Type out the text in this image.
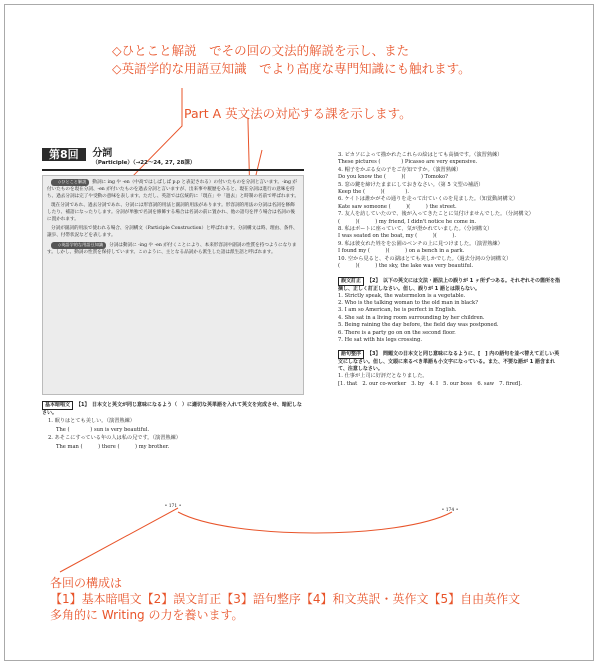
◇ひとこと解説　でその回の文法的解説を示し、また
◇英語学的な用語豆知識　でより高度な専門知識にも触れます。
Part A 英文法の対応する課を示します。
各回の構成は
【1】基本暗唱文【2】誤文訂正【3】語句整序【4】和文英訳・英作文【5】自由英作文
多角的に Writing の力を養います。
第8回 分詞
（Participle）（→22〜24, 27, 28課）

◇ひとこと解説 動詞に ing や -en（中高ではしばしば p.p と表記される）の付いたものを分詞と言います。-ing が付いたものを現在分詞、-en が付いたものを過去分詞と言いますが、出来事や履歴をみると、現在分詞は進行の意味を持ち、過去分詞は完了や受動の意味を表します。ただし、英語では伝統的に「現在」や「過去」と時制の名前で呼ばれます。

現在分詞であれ、過去分詞であれ、分詞には形容詞的用法と副詞的用法があります。形容詞的用法の分詞は名詞を修飾したり、補語になったりします。分詞が単独で名詞を修飾する場合は名詞の前に置かれ、他の語句を伴う場合は名詞の後に置かれます。

分詞が副詞的用法で使われる場合、分詞構文（Participle Construction）と呼ばれます。分詞構文は時、理由、条件、譲歩、付帯状況などを表します。

◇英語学的な用語豆知識 分詞は動詞に -ing や -en が付くことにより、本来形容詞や副詞の性質を持つようになります。しかし、動詞の性質を保持しています。このように、主となる品詞から派生した語は派生語と呼ばれます。

基本暗唱文 【1】　日本文と英文が同じ意味になるよう（　）に適切な英単語を入れて英文を完成させ、暗記しなさい。
1. 眠りはとても美しい。（演習熟練）
The (　　　　) sun is very beautiful.
2. あそこにすっている年の人は私の兄です。（演習熟練）
The man (　　　) there (　　　) my brother.
• 171 •

3. ピカソによって描かれたこれらの絵はとても高価です。（演習熟練）

These pictures (　　　　) Picasso are very expensive.

4. 帽子をかぶる女の子をご存知ですか。（演習熟練）

Do you know the (　　　)(　　　) Tomoko?

5. 窓の鍵を締けたままにしておきなさい。（第 5 文型の補語）

Keep the (　　　)(　　　　).

6. ケイトは誰かがその通りを走って出ていくのを見ました。（知覚動詞構文）

Kate saw someone (　　　)(　　　) the street.

7. 友人を訪していたので、後が入ってきたことに気付けませんでした。（分詞構文）

(　　　)(　　　) my friend, I didn't notice he come in.

8. 私はボートに座っていて、気が澄かれていました。（分詞構文）

I was seated on the boat, my (　　　)(　　　).

9. 私は彼女れた姓をを公園のベンチの上に見つけました。（演習熟練）

I found my (　　　)(　　　) on a bench in a park.

10. 空から見ると、その湖はとても美しかでした。（過去分詞の分詞構文）

(　　　)(　　　) the sky, the lake was very beautiful.

誤文訂正 【2】　以下の英文には文法・語法上の誤りが 1 ヶ所ずつある。それぞれその箇所を指摘し、正しく訂正しなさい。但し、誤りが 1 語とは限らない。

1. Strictly speak, the watermelon is a vegetable.

2. Who is the talking woman to the old man in black?

3. I am so American, he is perfect in English.

4. She sat in a living room surrounding by her children.

5. Being raining the day before, the field day was postponed.

6. There is a party go on on the second floor.

7. He sat with his legs crossing.

語句整序 【3】　問題文の日本文と同じ意味になるように、[　] 内の語句を並べ替えて正しい英文にしなさい。但し、文頭に来るべき単語も小文字になっている。また、不要な語が 1 語含まれて、注意しなさい。

1. 仕事が上司に好評だとなりました。

[1. that　2. our co-worker　3. by　4. I　5. our boss　6. saw　7. fired].

• 174 •
